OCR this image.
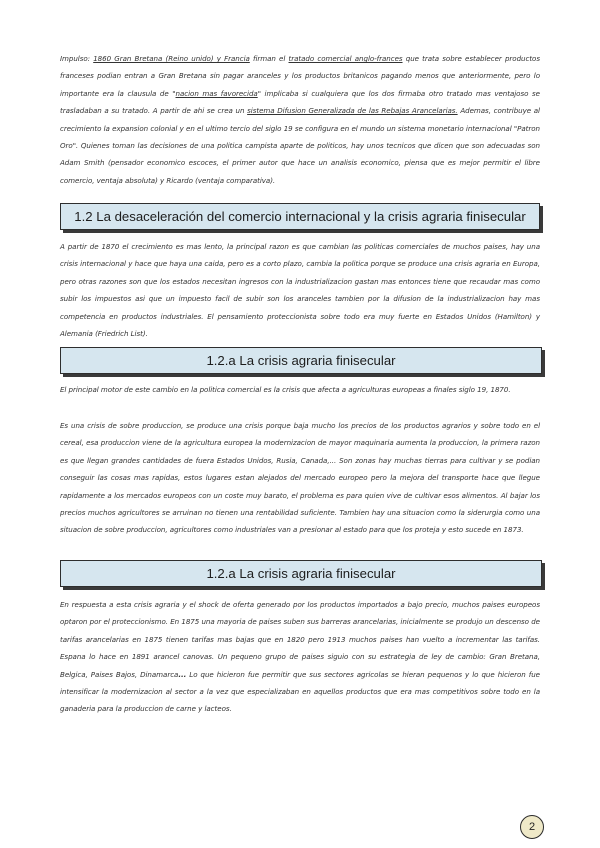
Impulso: 1860 Gran Bretana (Reino unido) y Francia firman el tratado comercial anglo-frances que trata sobre establecer productos franceses podian entran a Gran Bretana sin pagar aranceles y los productos britanicos pagando menos que anteriormente, pero lo importante era la clausula de "nacion mas favorecida" implicaba si cualquiera que los dos firmaba otro tratado mas ventajoso se trasladaban a su tratado. A partir de ahi se crea un sistema Difusion Generalizada de las Rebajas Arancelarias. Ademas, contribuye al crecimiento la expansion colonial y en el ultimo tercio del siglo 19 se configura en el mundo un sistema monetario internacional "Patron Oro". Quienes toman las decisiones de una politica campista aparte de politicos, hay unos tecnicos que dicen que son adecuadas son Adam Smith (pensador economico escoces, el primer autor que hace un analisis economico, piensa que es mejor permitir el libre comercio, ventaja absoluta) y Ricardo (ventaja comparativa).

1.2 La desaceleración del comercio internacional y la crisis agraria finisecular

A partir de 1870 el crecimiento es mas lento, la principal razon es que cambian las politicas comerciales de muchos paises, hay una crisis internacional y hace que haya una caida, pero es a corto plazo, cambia la politica porque se produce una crisis agraria en Europa, pero otras razones son que los estados necesitan ingresos con la industrializacion gastan mas entonces tiene que recaudar mas como subir los impuestos asi que un impuesto facil de subir son los aranceles tambien por la difusion de la industrializacion hay mas competencia en productos industriales. El pensamiento proteccionista sobre todo era muy fuerte en Estados Unidos (Hamilton) y Alemania (Friedrich List).

1.2.a La crisis agraria finisecular

El principal motor de este cambio en la politica comercial es la crisis que afecta a agriculturas europeas a finales siglo 19, 1870.

Es una crisis de sobre produccion, se produce una crisis porque baja mucho los precios de los productos agrarios y sobre todo en el cereal, esa produccion viene de la agricultura europea la modernizacion de mayor maquinaria aumenta la produccion, la primera razon es que llegan grandes cantidades de fuera Estados Unidos, Rusia, Canada,... Son zonas hay muchas tierras para cultivar y se podian conseguir las cosas mas rapidas, estos lugares estan alejados del mercado europeo pero la mejora del transporte hace que llegue rapidamente a los mercados europeos con un coste muy barato, el problema es para quien vive de cultivar esos alimentos. Al bajar los precios muchos agricultores se arruinan no tienen una rentabilidad suficiente. Tambien hay una situacion como la siderurgia como una situacion de sobre produccion, agricultores como industriales van a presionar al estado para que los proteja y esto sucede en 1873.

1.2.a La crisis agraria finisecular

En respuesta a esta crisis agraria y el shock de oferta generado por los productos importados a bajo precio, muchos paises europeos optaron por el proteccionismo. En 1875 una mayoria de paises suben sus barreras arancelarias, inicialmente se produjo un descenso de tarifas arancelarias en 1875 tienen tarifas mas bajas que en 1820 pero 1913 muchos paises han vuelto a incrementar las tarifas. Espana lo hace en 1891 arancel canovas. Un pequeno grupo de paises siguio con su estrategia de ley de cambio: Gran Bretana, Belgica, Paises Bajos, Dinamarca... Lo que hicieron fue permitir que sus sectores agricolas se hieran pequenos y lo que hicieron fue intensificar la modernizacion al sector a la vez que especializaban en aquellos productos que era mas competitivos sobre todo en la ganaderia para la produccion de carne y lacteos.

2
